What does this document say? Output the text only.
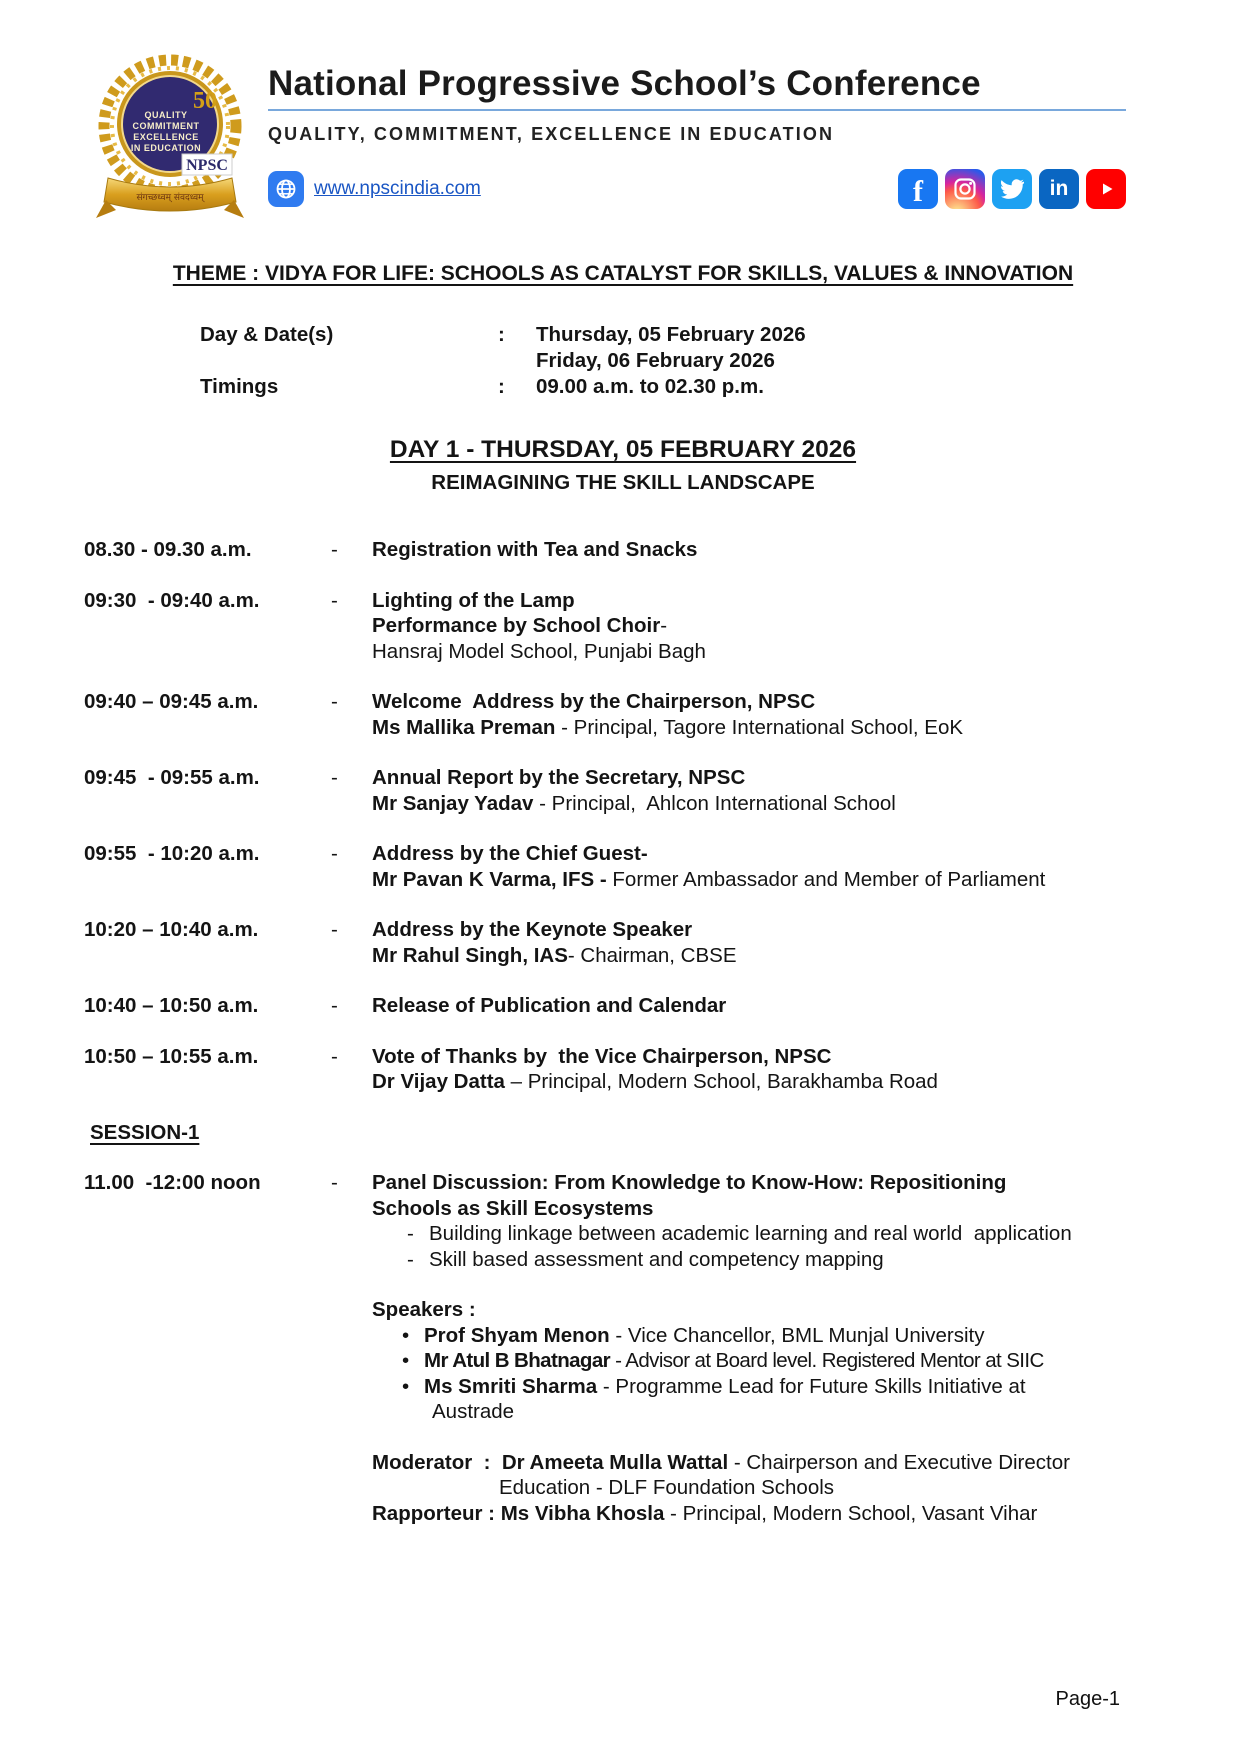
50
QUALITY
COMMITMENT
EXCELLENCE
IN EDUCATION
NPSC
संगच्छध्वम् संवदध्वम्
National Progressive School’s Conference
QUALITY, COMMITMENT, EXCELLENCE IN EDUCATION
www.npscindia.com	f	in
THEME : VIDYA FOR LIFE: SCHOOLS AS CATALYST FOR SKILLS, VALUES & INNOVATION
Day & Date(s)	:	Thursday, 05 February 2026
Friday, 06 February 2026
Timings	:	09.00 a.m. to 02.30 p.m.
DAY 1 - THURSDAY, 05 FEBRUARY 2026
REIMAGINING THE SKILL LANDSCAPE
08.30 - 09.30 a.m.	-	Registration with Tea and Snacks
09:30  - 09:40 a.m.	-	Lighting of the Lamp
Performance by School Choir-
Hansraj Model School, Punjabi Bagh
09:40 – 09:45 a.m.	-	Welcome  Address by the Chairperson, NPSC
Ms Mallika Preman - Principal, Tagore International School, EoK
09:45  - 09:55 a.m.	-	Annual Report by the Secretary, NPSC
Mr Sanjay Yadav - Principal,  Ahlcon International School
09:55  - 10:20 a.m.	-	Address by the Chief Guest-
Mr Pavan K Varma, IFS - Former Ambassador and Member of Parliament
10:20 – 10:40 a.m.	-	Address by the Keynote Speaker
Mr Rahul Singh, IAS- Chairman, CBSE
10:40 – 10:50 a.m.	-	Release of Publication and Calendar
10:50 – 10:55 a.m.	-	Vote of Thanks by  the Vice Chairperson, NPSC
Dr Vijay Datta – Principal, Modern School, Barakhamba Road
SESSION-1
11.00  -12:00 noon	-	Panel Discussion: From Knowledge to Know-How: Repositioning
Schools as Skill Ecosystems
- Building linkage between academic learning and real world  application
- Skill based assessment and competency mapping
Speakers :
• Prof Shyam Menon - Vice Chancellor, BML Munjal University
• Mr Atul B Bhatnagar - Advisor at Board level. Registered Mentor at SIIC
• Ms Smriti Sharma - Programme Lead for Future Skills Initiative at
Austrade
Moderator  :  Dr Ameeta Mulla Wattal - Chairperson and Executive Director
Education - DLF Foundation Schools
Rapporteur : Ms Vibha Khosla - Principal, Modern School, Vasant Vihar
Page-1
